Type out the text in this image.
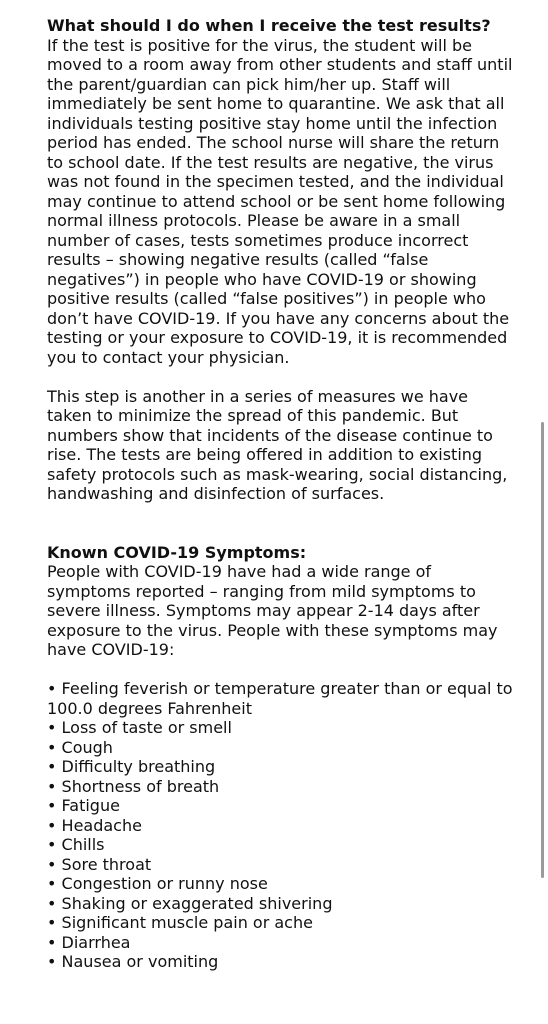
What should I do when I receive the test results?

If the test is positive for the virus, the student will be moved to a room away from other students and staff until the parent/guardian can pick him/her up. Staff will immediately be sent home to quarantine. We ask that all individuals testing positive stay home until the infection period has ended. The school nurse will share the return to school date. If the test results are negative, the virus was not found in the specimen tested, and the individual may continue to attend school or be sent home following normal illness protocols. Please be aware in a small number of cases, tests sometimes produce incorrect results – showing negative results (called “false negatives”) in people who have COVID-19 or showing positive results (called “false positives”) in people who don’t have COVID-19. If you have any concerns about the testing or your exposure to COVID-19, it is recommended you to contact your physician.

This step is another in a series of measures we have taken to minimize the spread of this pandemic. But numbers show that incidents of the disease continue to rise. The tests are being offered in addition to existing safety protocols such as mask-wearing, social distancing, handwashing and disinfection of surfaces.

Known COVID-19 Symptoms:

People with COVID-19 have had a wide range of symptoms reported – ranging from mild symptoms to severe illness. Symptoms may appear 2-14 days after exposure to the virus. People with these symptoms may have COVID-19:

• Feeling feverish or temperature greater than or equal to 100.0 degrees Fahrenheit
• Loss of taste or smell
• Cough
• Difficulty breathing
• Shortness of breath
• Fatigue
• Headache
• Chills
• Sore throat
• Congestion or runny nose
• Shaking or exaggerated shivering
• Significant muscle pain or ache
• Diarrhea
• Nausea or vomiting
